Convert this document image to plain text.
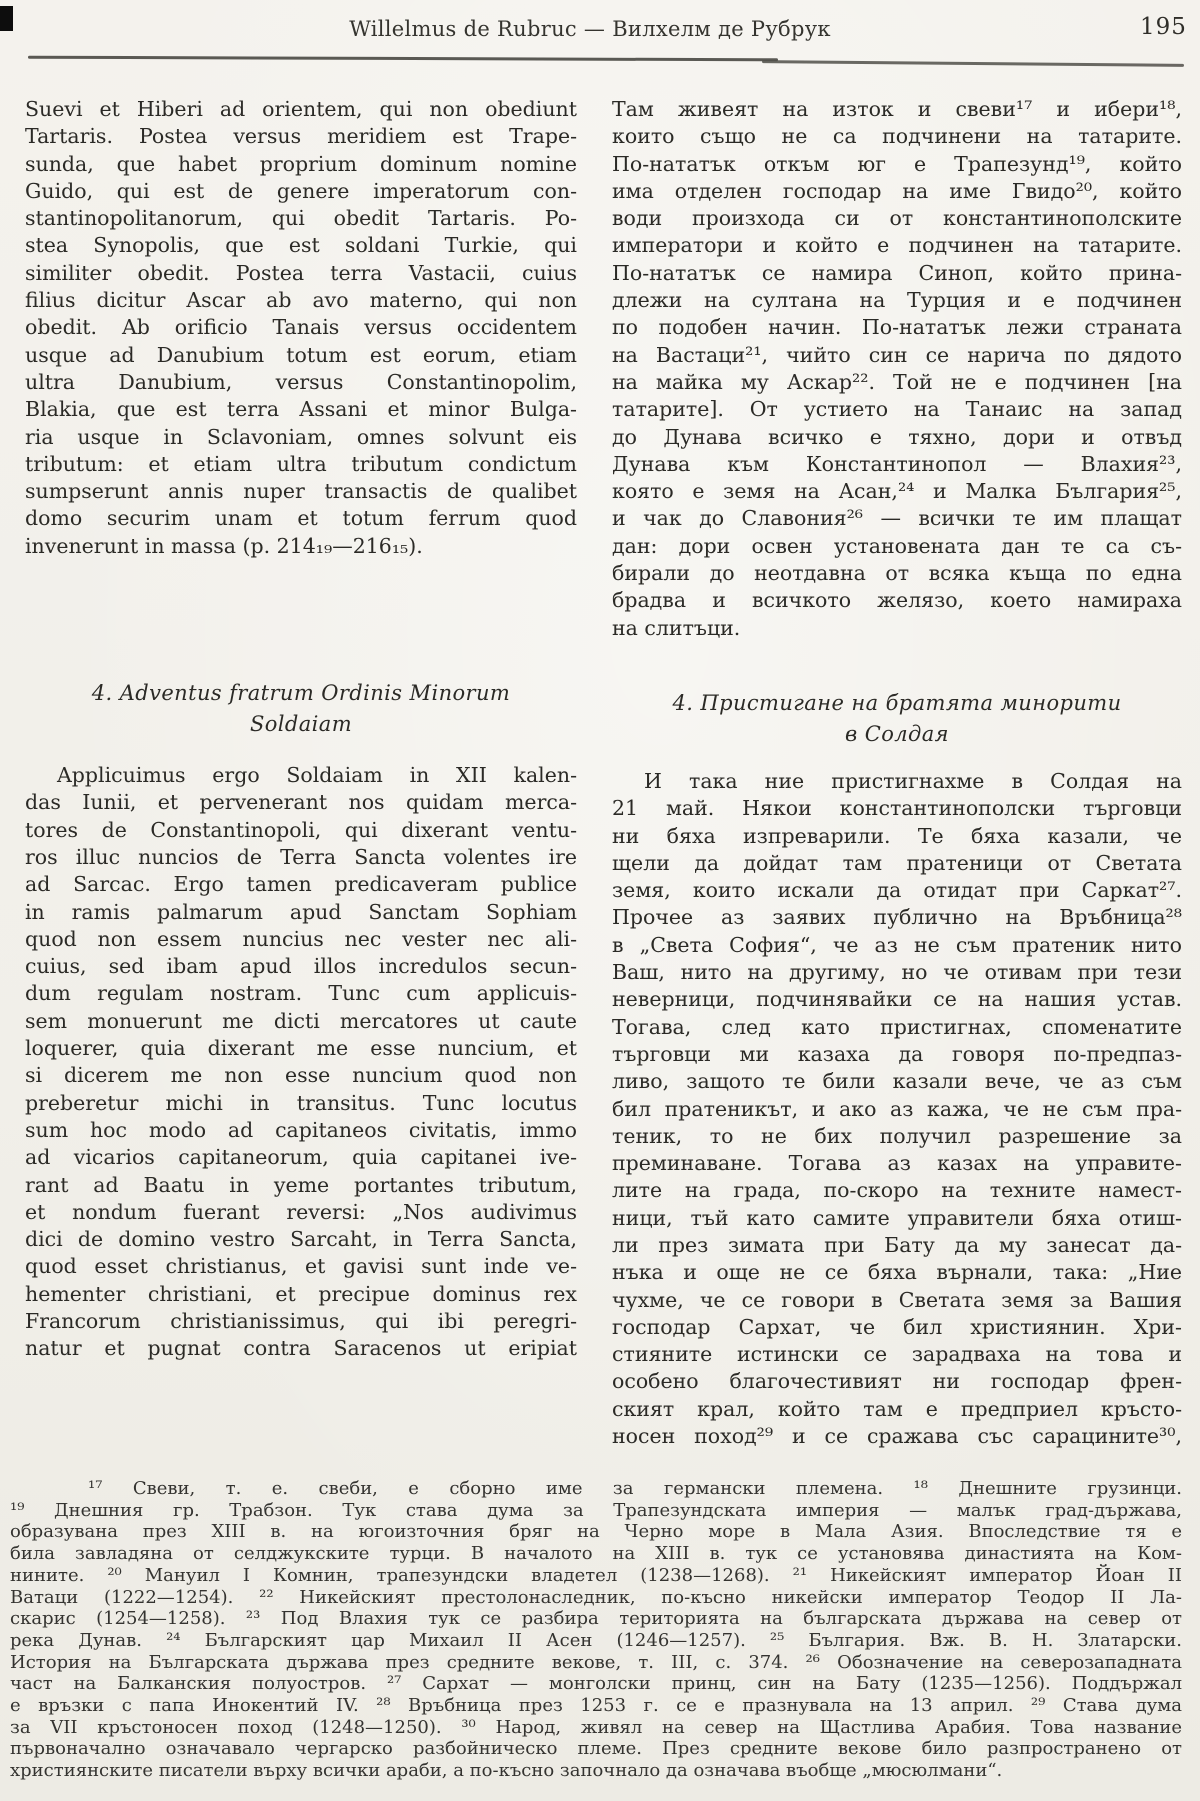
Willelmus de Rubruc — Вилхелм де Рубрук	195
Suevi et Hiberi ad orientem, qui non obediunt
Tartaris. Postea versus meridiem est Trape-
sunda, que habet proprium dominum nomine
Guido, qui est de genere imperatorum con-
stantinopolitanorum, qui obedit Tartaris. Po-
stea Synopolis, que est soldani Turkie, qui
similiter obedit. Postea terra Vastacii, cuius
filius dicitur Ascar ab avo materno, qui non
obedit. Ab orificio Tanais versus occidentem
usque ad Danubium totum est eorum, etiam
ultra Danubium, versus Constantinopolim,
Blakia, que est terra Assani et minor Bulga-
ria usque in Sclavoniam, omnes solvunt eis
tributum: et etiam ultra tributum condictum
sumpserunt annis nuper transactis de qualibet
domo securim unam et totum ferrum quod
invenerunt in massa (p. 214₁₉—216₁₅).
4. Adventus fratrum Ordinis Minorum
Soldaiam
Applicuimus ergo Soldaiam in XII kalen-
das Iunii, et pervenerant nos quidam merca-
tores de Constantinopoli, qui dixerant ventu-
ros illuc nuncios de Terra Sancta volentes ire
ad Sarcac. Ergo tamen predicaveram publice
in ramis palmarum apud Sanctam Sophiam
quod non essem nuncius nec vester nec ali-
cuius, sed ibam apud illos incredulos secun-
dum regulam nostram. Tunc cum applicuis-
sem monuerunt me dicti mercatores ut caute
loquerer, quia dixerant me esse nuncium, et
si dicerem me non esse nuncium quod non
preberetur michi in transitus. Tunc locutus
sum hoc modo ad capitaneos civitatis, immo
ad vicarios capitaneorum, quia capitanei ive-
rant ad Baatu in yeme portantes tributum,
et nondum fuerant reversi: „Nos audivimus
dici de domino vestro Sarcaht, in Terra Sancta,
quod esset christianus, et gavisi sunt inde ve-
hementer christiani, et precipue dominus rex
Francorum christianissimus, qui ibi peregri-
natur et pugnat contra Saracenos ut eripiat
Там живеят на изток и свеви¹⁷ и ибери¹⁸,
които също не са подчинени на татарите.
По-нататък откъм юг е Трапезунд¹⁹, който
има отделен господар на име Гвидо²⁰, който
води произхода си от константинополските
императори и който е подчинен на татарите.
По-нататък се намира Синоп, който прина-
длежи на султана на Турция и е подчинен
по подобен начин. По-нататък лежи страната
на Вастаци²¹, чийто син се нарича по дядото
на майка му Аскар²². Той не е подчинен [на
татарите]. От устието на Танаис на запад
до Дунава всичко е тяхно, дори и отвъд
Дунава към Константинопол — Влахия²³,
която е земя на Асан,²⁴ и Малка България²⁵,
и чак до Славония²⁶ — всички те им плащат
дан: дори освен установената дан те са съ-
бирали до неотдавна от всяка къща по една
брадва и всичкото желязо, което намираха
на слитъци.
4. Пристигане на братята минорити
в Солдая
И така ние пристигнахме в Солдая на
21 май. Някои константинополски търговци
ни бяха изпреварили. Те бяха казали, че
щели да дойдат там пратеници от Светата
земя, които искали да отидат при Саркат²⁷.
Прочее аз заявих публично на Връбница²⁸
в „Света София“, че аз не съм пратеник нито
Ваш, нито на другиму, но че отивам при тези
неверници, подчинявайки се на нашия устав.
Тогава, след като пристигнах, споменатите
търговци ми казаха да говоря по-предпаз-
ливо, защото те били казали вече, че аз съм
бил пратеникът, и ако аз кажа, че не съм пра-
теник, то не бих получил разрешение за
преминаване. Тогава аз казах на управите-
лите на града, по-скоро на техните намест-
ници, тъй като самите управители бяха отиш-
ли през зимата при Бату да му занесат да-
нъка и още не се бяха върнали, така: „Ние
чухме, че се говори в Светата земя за Вашия
господар Сархат, че бил християнин. Хри-
стияните истински се зарадваха на това и
особено благочестивият ни господар френ-
ският крал, който там е предприел кръсто-
носен поход²⁹ и се сражава със сарацините³⁰,
¹⁷ Свеви, т. е. свеби, е сборно име за германски племена. ¹⁸ Днешните грузинци.
¹⁹ Днешния гр. Трабзон. Тук става дума за Трапезундската империя — малък град-държава,
образувана през XIII в. на югоизточния бряг на Черно море в Мала Азия. Впоследствие тя е
била завладяна от селджукските турци. В началото на XIII в. тук се установява династията на Ком-
нините. ²⁰ Мануил I Комнин, трапезундски владетел (1238—1268). ²¹ Никейският император Йоан II
Ватаци (1222—1254). ²² Никейският престолонаследник, по-късно никейски император Теодор II Ла-
скарис (1254—1258). ²³ Под Влахия тук се разбира територията на българската държава на север от
река Дунав. ²⁴ Българският цар Михаил II Асен (1246—1257). ²⁵ България. Вж. В. Н. Златарски.
История на Българската държава през средните векове, т. III, с. 374. ²⁶ Обозначение на северозападната
част на Балканския полуостров. ²⁷ Сархат — монголски принц, син на Бату (1235—1256). Поддържал
е връзки с папа Инокентий IV. ²⁸ Връбница през 1253 г. се е празнувала на 13 април. ²⁹ Става дума
за VII кръстоносен поход (1248—1250). ³⁰ Народ, живял на север на Щастлива Арабия. Това название
първоначално означавало чергарско разбойническо племе. През средните векове било разпространено от
християнските писатели върху всички араби, а по-късно започнало да означава въобще „мюсюлмани“.
